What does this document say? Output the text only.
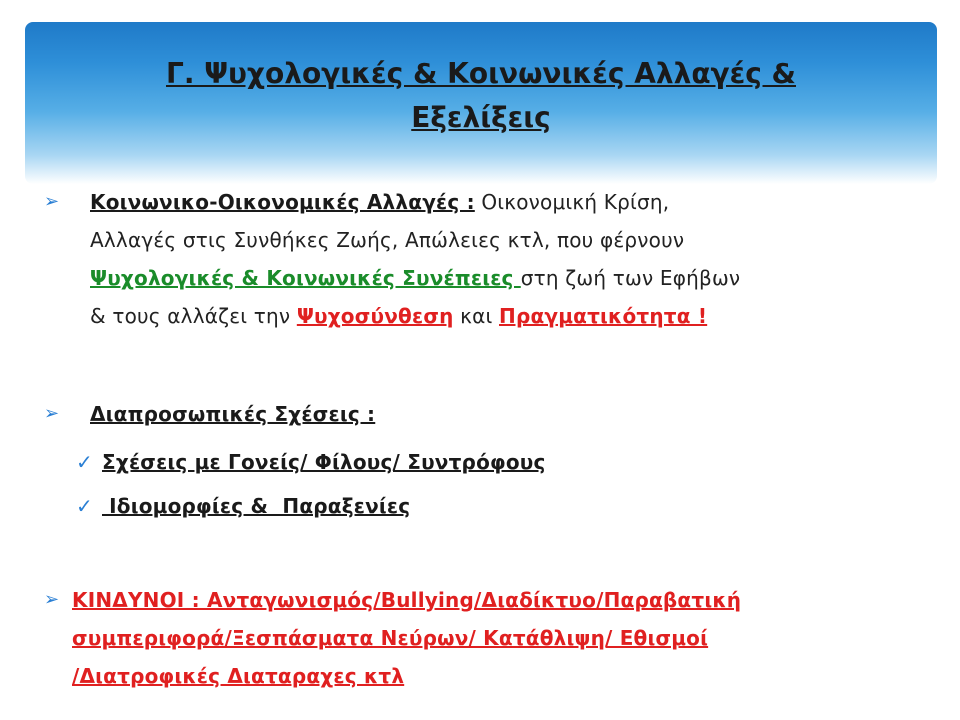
Γ. Ψυχολογικές & Κοινωνικές Αλλαγές &
Εξελίξεις
➢ Κοινωνικο-Οικονομικές Αλλαγές : Οικονομική Κρίση,
Αλλαγές στις Συνθήκες Ζωής, Απώλειες κτλ, που φέρνουν
Ψυχολογικές & Κοινωνικές Συνέπειες στη ζωή των Εφήβων
& τους αλλάζει την Ψυχοσύνθεση και Πραγματικότητα !
➢ Διαπροσωπικές Σχέσεις :
✓ Σχέσεις με Γονείς/ Φίλους/ Συντρόφους
✓ Ιδιομορφίες &  Παραξενίες
➢ ΚΙΝΔΥΝΟΙ : Ανταγωνισμός/Bullying/Διαδίκτυο/Παραβατική
συμπεριφορά/Ξεσπάσματα Νεύρων/ Κατάθλιψη/ Εθισμοί
/Διατροφικές Διαταραχες κτλ
